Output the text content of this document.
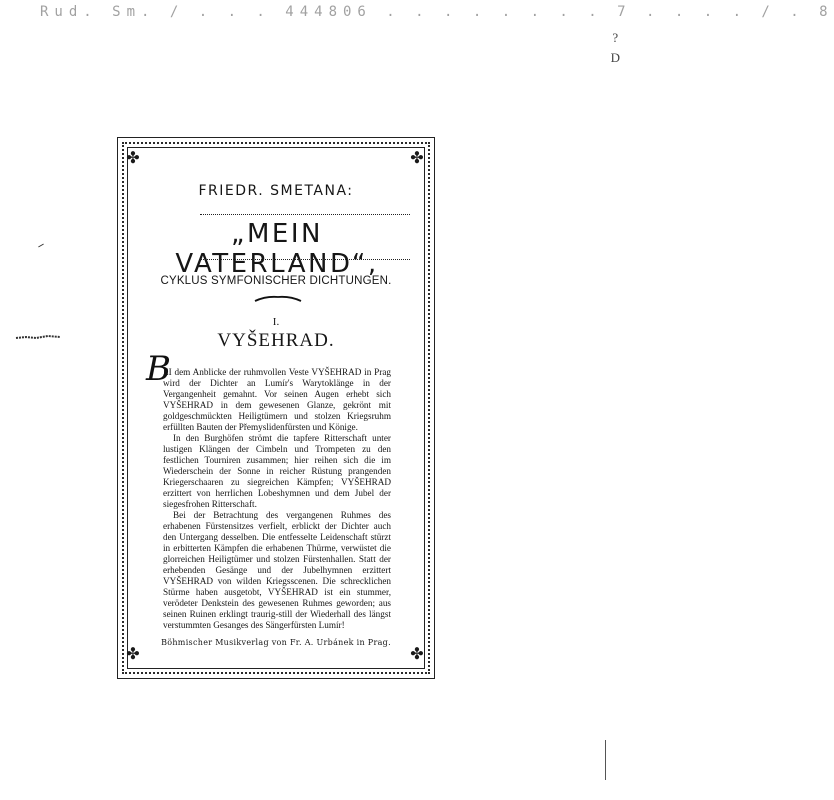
Rud. Sm. / . . . 444806 . . . . . . . . 7 . . . . / . 8
?
D
✤	✤
✤	✤
FRIEDR. SMETANA:
„MEIN VATERLAND“,
CYKLUS SYMFONISCHER DICHTUNGEN.
I.
VYŠEHRAD.
B

EI dem Anblicke der ruhmvollen Veste VYŠEHRAD in Prag wird der Dichter an Lumír's Warytoklänge in der Vergangenheit gemahnt. Vor seinen Augen erhebt sich VYŠEHRAD in dem gewesenen Glanze, gekrönt mit goldgeschmückten Heiligtümern und stolzen Kriegsruhm erfüllten Bauten der Přemyslidenfürsten und Könige.

In den Burghöfen strömt die tapfere Ritterschaft unter lustigen Klängen der Cimbeln und Trompeten zu den festlichen Tourniren zusammen; hier reihen sich die im Wiederschein der Sonne in reicher Rüstung prangenden Kriegerschaaren zu siegreichen Kämpfen; VYŠEHRAD erzittert von herrlichen Lobeshymnen und dem Jubel der siegesfrohen Ritterschaft.

Bei der Betrachtung des vergangenen Ruhmes des erhabenen Fürstensitzes verfielt, erblickt der Dichter auch den Untergang desselben. Die entfesselte Leidenschaft stürzt in erbitterten Kämpfen die erhabenen Thürme, verwüstet die glorreichen Heiligtümer und stolzen Fürstenhallen. Statt der erhebenden Gesänge und der Jubelhymnen erzittert VYŠEHRAD von wilden Kriegsscenen. Die schrecklichen Stürme haben ausgetobt, VYŠEHRAD ist ein stummer, verödeter Denkstein des gewesenen Ruhmes geworden; aus seinen Ruinen erklingt traurig-still der Wiederhall des längst verstummten Gesanges des Sängerfürsten Lumír!

Böhmischer Musikverlag von Fr. A. Urbánek in Prag.
